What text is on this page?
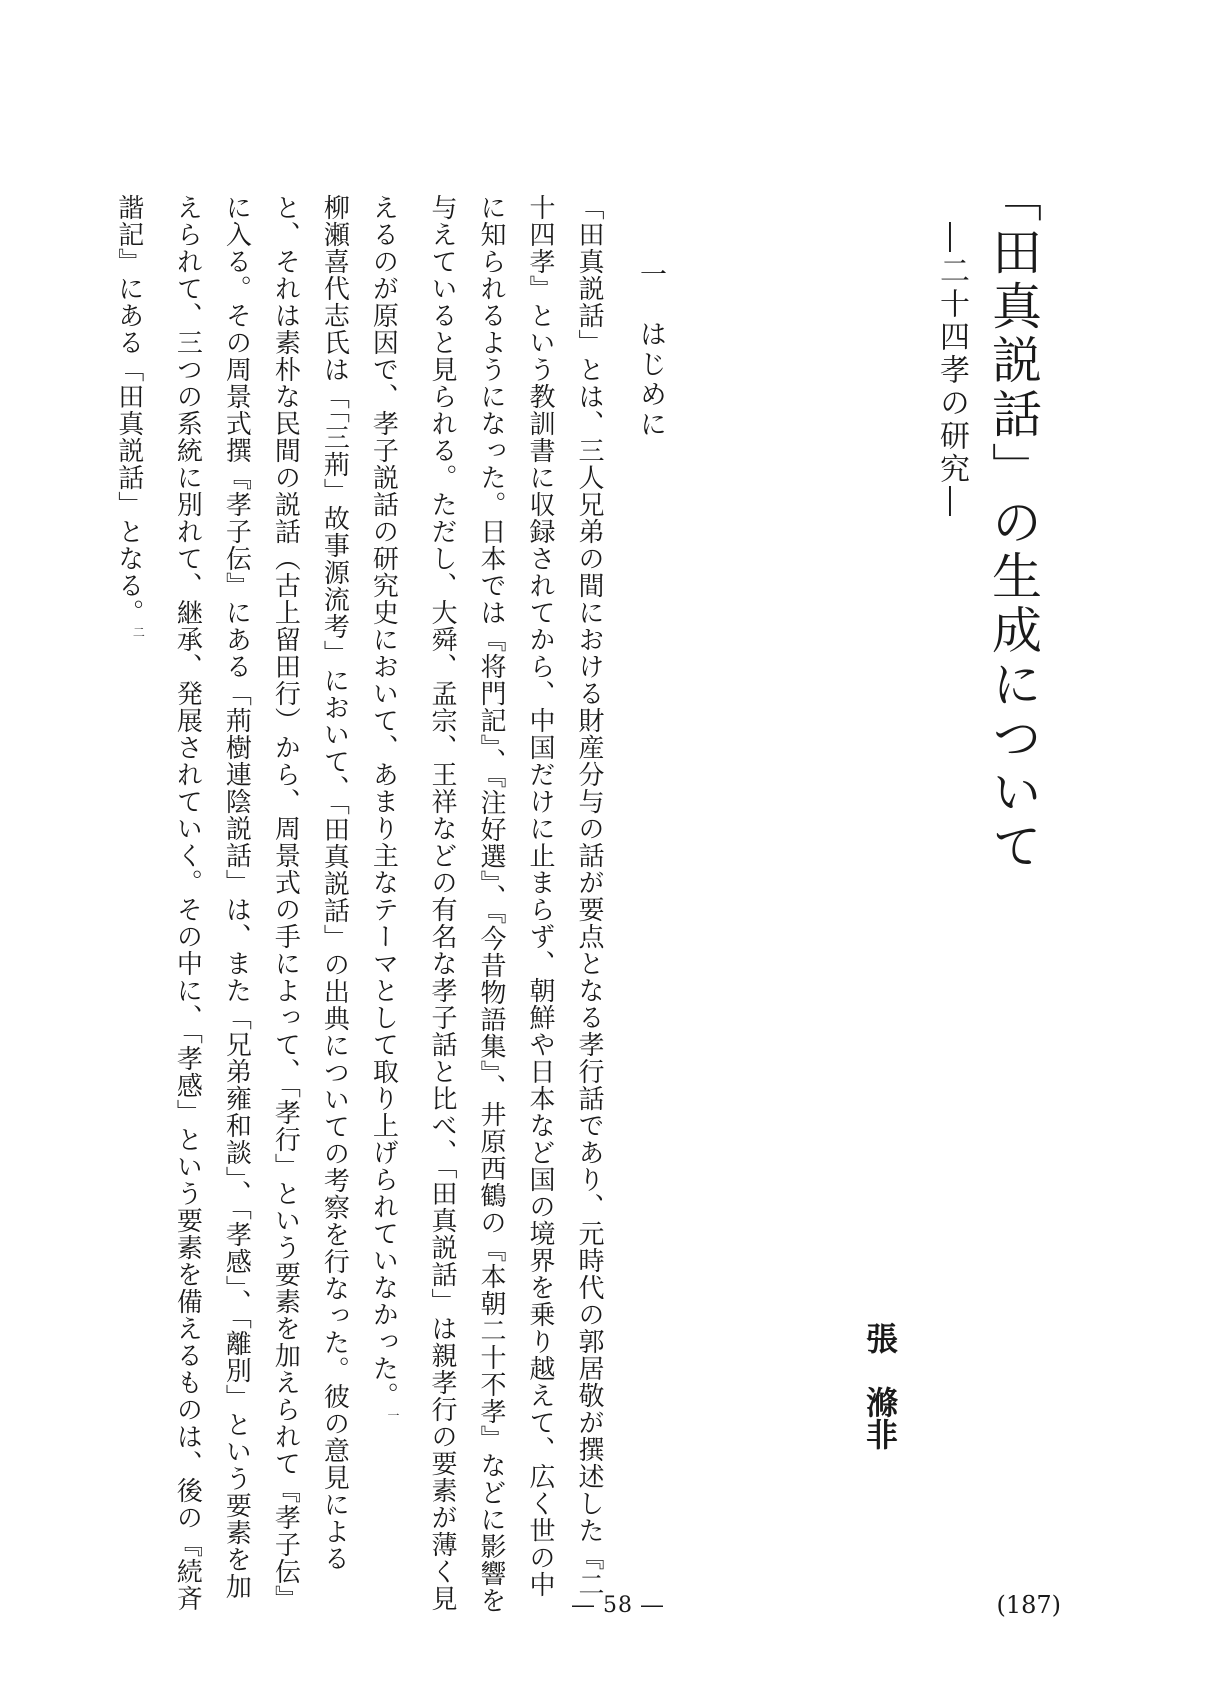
「田真説話」の生成について
―二十四孝の研究―
張滌非
一　はじめに
「田真説話」とは、三人兄弟の間における財産分与の話が要点となる孝行話であり、元時代の郭居敬が撰述した『二十四孝』という教訓書に収録されてから、中国だけに止まらず、朝鮮や日本など国の境界を乗り越えて、広く世の中に知られるようになった。日本では『将門記』、『注好選』、『今昔物語集』、井原西鶴の『本朝二十不孝』などに影響を与えていると見られる。ただし、大舜、孟宗、王祥などの有名な孝子話と比べ、「田真説話」は親孝行の要素が薄く見えるのが原因で、孝子説話の研究史において、あまり主なテーマとして取り上げられていなかった。$^一$
柳瀬喜代志氏は「「三荊」故事源流考」において、「田真説話」の出典についての考察を行なった。彼の意見によると、それは素朴な民間の説話（古上留田行）から、周景式の手によって、「孝行」という要素を加えられて『孝子伝』に入る。その周景式撰『孝子伝』にある「荊樹連陰説話」は、また「兄弟雍和談」、「孝感」、「離別」という要素を加えられて、三つの系統に別れて、継承、発展されていく。その中に、「孝感」という要素を備えるものは、後の『続斉諧記』にある「田真説話」となる。$^二$
― 58 ―	(187)
